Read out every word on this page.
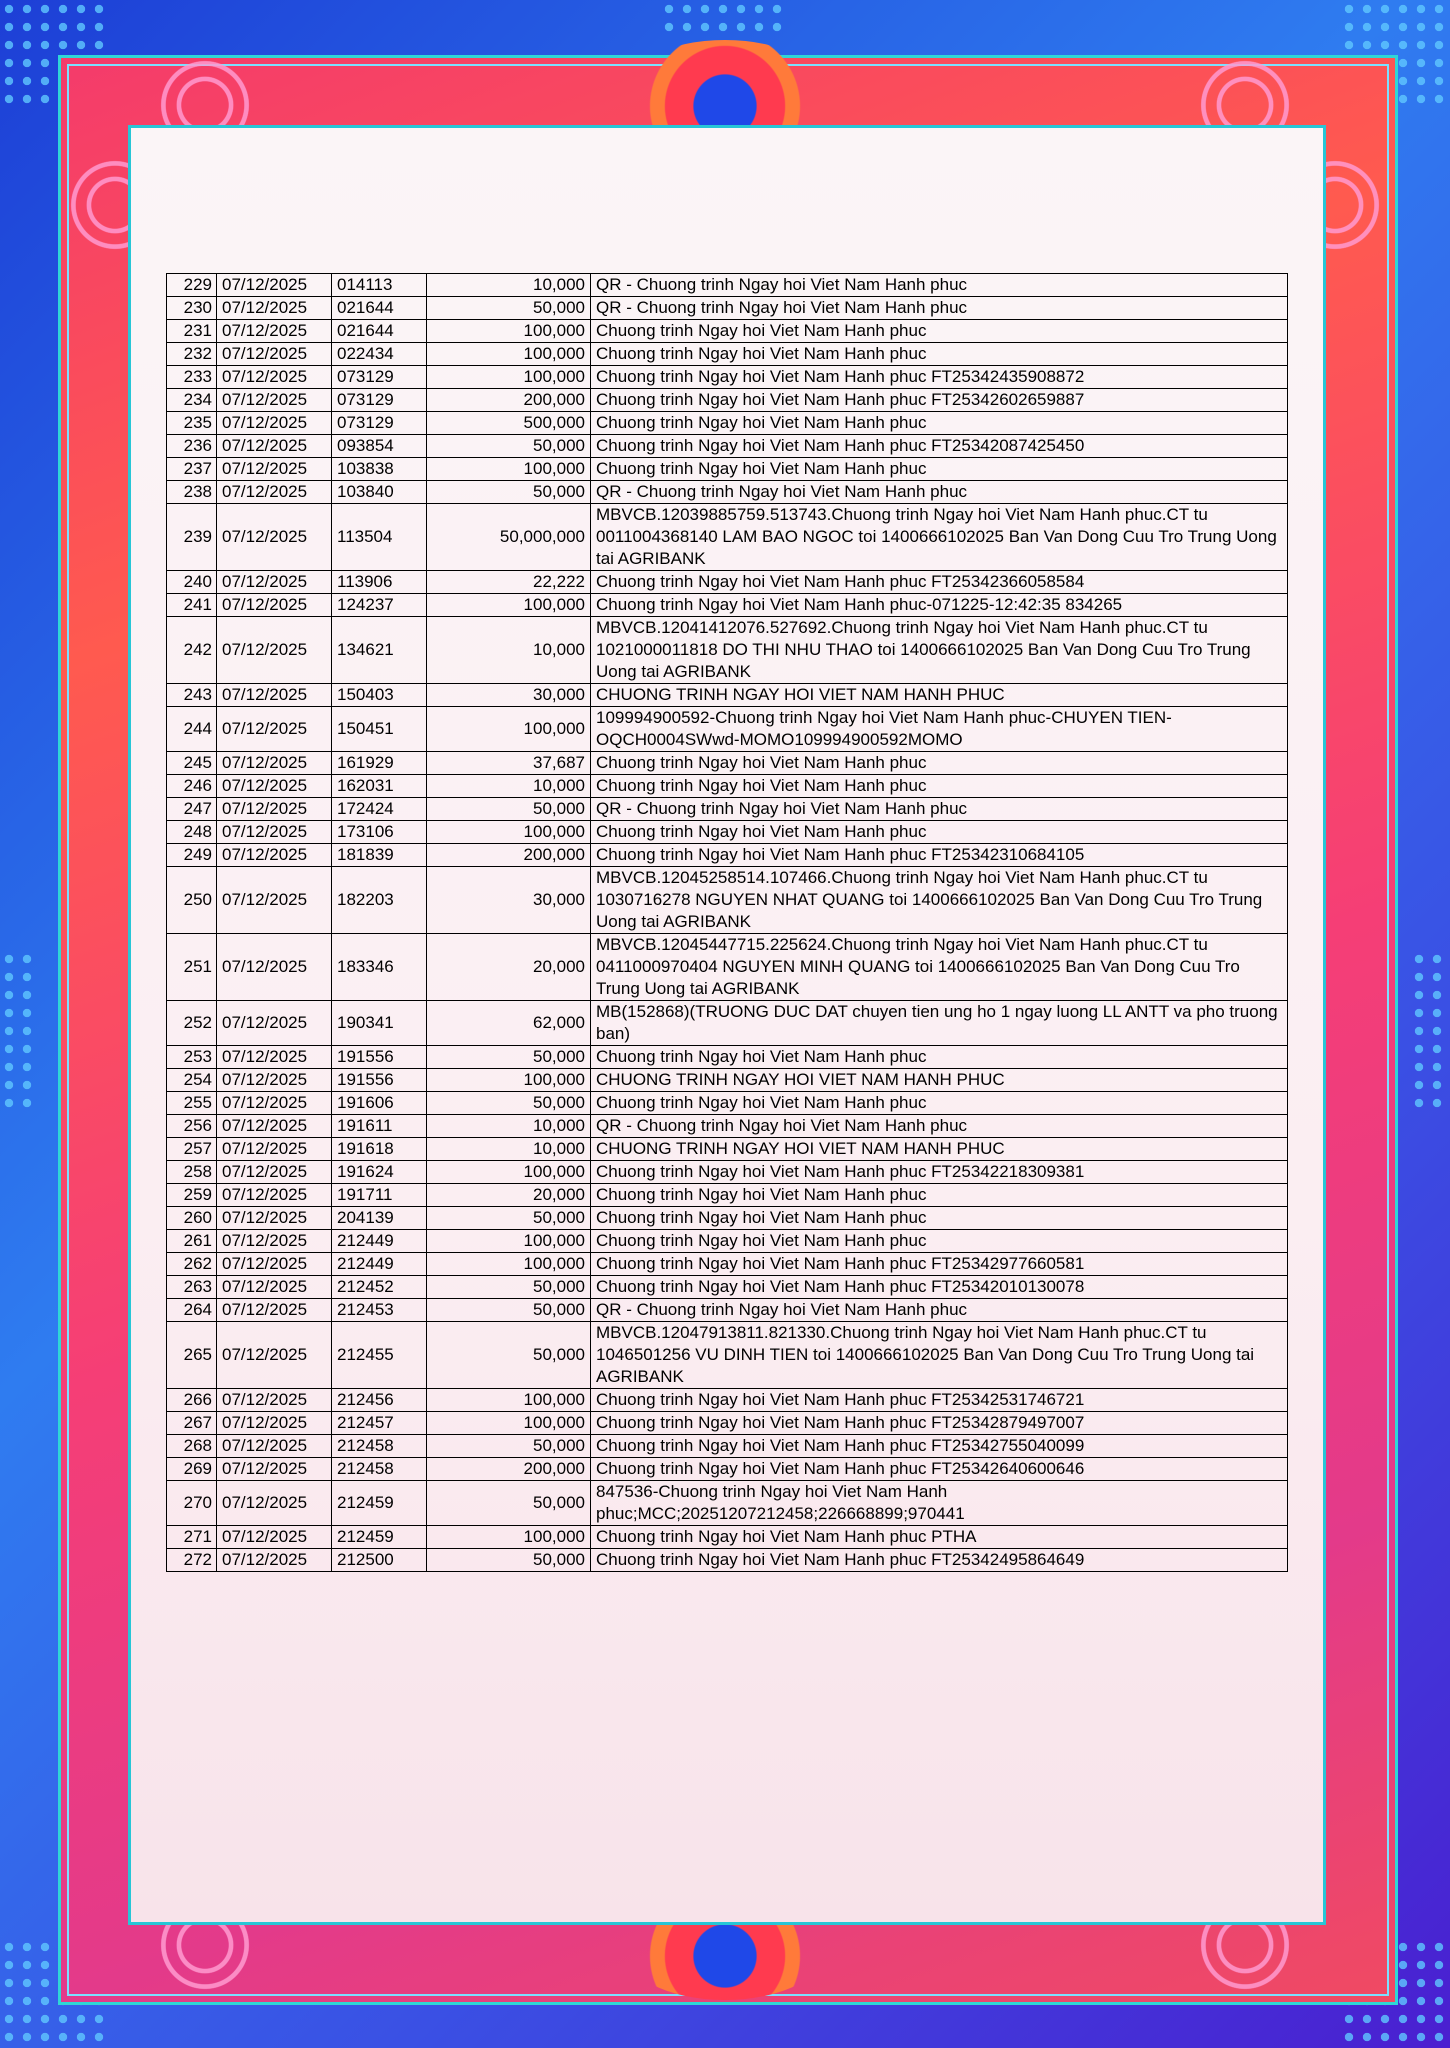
229	07/12/2025	014113	10,000	QR - Chuong trinh Ngay hoi Viet Nam Hanh phuc
230	07/12/2025	021644	50,000	QR - Chuong trinh Ngay hoi Viet Nam Hanh phuc
231	07/12/2025	021644	100,000	Chuong trinh Ngay hoi Viet Nam Hanh phuc
232	07/12/2025	022434	100,000	Chuong trinh Ngay hoi Viet Nam Hanh phuc
233	07/12/2025	073129	100,000	Chuong trinh Ngay hoi Viet Nam Hanh phuc FT25342435908872
234	07/12/2025	073129	200,000	Chuong trinh Ngay hoi Viet Nam Hanh phuc FT25342602659887
235	07/12/2025	073129	500,000	Chuong trinh Ngay hoi Viet Nam Hanh phuc
236	07/12/2025	093854	50,000	Chuong trinh Ngay hoi Viet Nam Hanh phuc FT25342087425450
237	07/12/2025	103838	100,000	Chuong trinh Ngay hoi Viet Nam Hanh phuc
238	07/12/2025	103840	50,000	QR - Chuong trinh Ngay hoi Viet Nam Hanh phuc
239	07/12/2025	113504	50,000,000	MBVCB.12039885759.513743.Chuong trinh Ngay hoi Viet Nam Hanh phuc.CT tu 0011004368140 LAM BAO NGOC toi 1400666102025 Ban Van Dong Cuu Tro Trung Uong tai AGRIBANK
240	07/12/2025	113906	22,222	Chuong trinh Ngay hoi Viet Nam Hanh phuc FT25342366058584
241	07/12/2025	124237	100,000	Chuong trinh Ngay hoi Viet Nam Hanh phuc-071225-12:42:35 834265
242	07/12/2025	134621	10,000	MBVCB.12041412076.527692.Chuong trinh Ngay hoi Viet Nam Hanh phuc.CT tu 1021000011818 DO THI NHU THAO toi 1400666102025 Ban Van Dong Cuu Tro Trung Uong tai AGRIBANK
243	07/12/2025	150403	30,000	CHUONG TRINH NGAY HOI VIET NAM HANH PHUC
244	07/12/2025	150451	100,000	109994900592-Chuong trinh Ngay hoi Viet Nam Hanh phuc-CHUYEN TIEN-OQCH0004SWwd-MOMO109994900592MOMO
245	07/12/2025	161929	37,687	Chuong trinh Ngay hoi Viet Nam Hanh phuc
246	07/12/2025	162031	10,000	Chuong trinh Ngay hoi Viet Nam Hanh phuc
247	07/12/2025	172424	50,000	QR - Chuong trinh Ngay hoi Viet Nam Hanh phuc
248	07/12/2025	173106	100,000	Chuong trinh Ngay hoi Viet Nam Hanh phuc
249	07/12/2025	181839	200,000	Chuong trinh Ngay hoi Viet Nam Hanh phuc FT25342310684105
250	07/12/2025	182203	30,000	MBVCB.12045258514.107466.Chuong trinh Ngay hoi Viet Nam Hanh phuc.CT tu 1030716278 NGUYEN NHAT QUANG toi 1400666102025 Ban Van Dong Cuu Tro Trung Uong tai AGRIBANK
251	07/12/2025	183346	20,000	MBVCB.12045447715.225624.Chuong trinh Ngay hoi Viet Nam Hanh phuc.CT tu 0411000970404 NGUYEN MINH QUANG toi 1400666102025 Ban Van Dong Cuu Tro Trung Uong tai AGRIBANK
252	07/12/2025	190341	62,000	MB(152868)(TRUONG DUC DAT chuyen tien ung ho 1 ngay luong LL ANTT va pho truong ban)
253	07/12/2025	191556	50,000	Chuong trinh Ngay hoi Viet Nam Hanh phuc
254	07/12/2025	191556	100,000	CHUONG TRINH NGAY HOI VIET NAM HANH PHUC
255	07/12/2025	191606	50,000	Chuong trinh Ngay hoi Viet Nam Hanh phuc
256	07/12/2025	191611	10,000	QR - Chuong trinh Ngay hoi Viet Nam Hanh phuc
257	07/12/2025	191618	10,000	CHUONG TRINH NGAY HOI VIET NAM HANH PHUC
258	07/12/2025	191624	100,000	Chuong trinh Ngay hoi Viet Nam Hanh phuc FT25342218309381
259	07/12/2025	191711	20,000	Chuong trinh Ngay hoi Viet Nam Hanh phuc
260	07/12/2025	204139	50,000	Chuong trinh Ngay hoi Viet Nam Hanh phuc
261	07/12/2025	212449	100,000	Chuong trinh Ngay hoi Viet Nam Hanh phuc
262	07/12/2025	212449	100,000	Chuong trinh Ngay hoi Viet Nam Hanh phuc FT25342977660581
263	07/12/2025	212452	50,000	Chuong trinh Ngay hoi Viet Nam Hanh phuc FT25342010130078
264	07/12/2025	212453	50,000	QR - Chuong trinh Ngay hoi Viet Nam Hanh phuc
265	07/12/2025	212455	50,000	MBVCB.12047913811.821330.Chuong trinh Ngay hoi Viet Nam Hanh phuc.CT tu 1046501256 VU DINH TIEN toi 1400666102025 Ban Van Dong Cuu Tro Trung Uong tai AGRIBANK
266	07/12/2025	212456	100,000	Chuong trinh Ngay hoi Viet Nam Hanh phuc FT25342531746721
267	07/12/2025	212457	100,000	Chuong trinh Ngay hoi Viet Nam Hanh phuc FT25342879497007
268	07/12/2025	212458	50,000	Chuong trinh Ngay hoi Viet Nam Hanh phuc FT25342755040099
269	07/12/2025	212458	200,000	Chuong trinh Ngay hoi Viet Nam Hanh phuc FT25342640600646
270	07/12/2025	212459	50,000	847536-Chuong trinh Ngay hoi Viet Nam Hanh phuc;MCC;20251207212458;226668899;970441
271	07/12/2025	212459	100,000	Chuong trinh Ngay hoi Viet Nam Hanh phuc PTHA
272	07/12/2025	212500	50,000	Chuong trinh Ngay hoi Viet Nam Hanh phuc FT25342495864649
